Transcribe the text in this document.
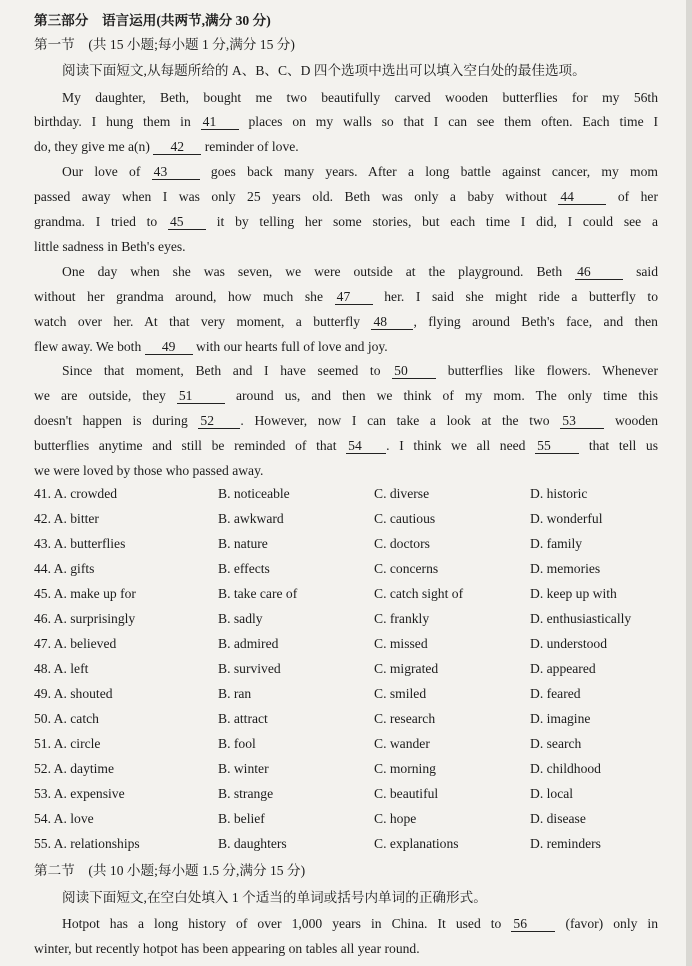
第三部分　语言运用(共两节,满分 30 分)
第一节　(共 15 小题;每小题 1 分,满分 15 分)
阅读下面短文,从每题所给的 A、B、C、D 四个选项中选出可以填入空白处的最佳选项。
My daughter, Beth, bought me two beautifully carved wooden butterflies for my 56th
birthday. I hung them in 41 places on my walls so that I can see them often. Each time I
do, they give me a(n) 42 reminder of love.
Our love of 43 goes back many years. After a long battle against cancer, my mom
passed away when I was only 25 years old. Beth was only a baby without 44 of her
grandma. I tried to 45 it by telling her some stories, but each time I did, I could see a
little sadness in Beth's eyes.
One day when she was seven, we were outside at the playground. Beth 46 said
without her grandma around, how much she 47 her. I said she might ride a butterfly to
watch over her. At that very moment, a butterfly 48 , flying around Beth's face, and then
flew away. We both 49 with our hearts full of love and joy.
Since that moment, Beth and I have seemed to 50 butterflies like flowers. Whenever
we are outside, they 51 around us, and then we think of my mom. The only time this
doesn't happen is during 52 . However, now I can take a look at the two 53 wooden
butterflies anytime and still be reminded of that 54 . I think we all need 55 that tell us
we were loved by those who passed away.
41. A. crowded	B. noticeable	C. diverse	D. historic
42. A. bitter	B. awkward	C. cautious	D. wonderful
43. A. butterflies	B. nature	C. doctors	D. family
44. A. gifts	B. effects	C. concerns	D. memories
45. A. make up for	B. take care of	C. catch sight of	D. keep up with
46. A. surprisingly	B. sadly	C. frankly	D. enthusiastically
47. A. believed	B. admired	C. missed	D. understood
48. A. left	B. survived	C. migrated	D. appeared
49. A. shouted	B. ran	C. smiled	D. feared
50. A. catch	B. attract	C. research	D. imagine
51. A. circle	B. fool	C. wander	D. search
52. A. daytime	B. winter	C. morning	D. childhood
53. A. expensive	B. strange	C. beautiful	D. local
54. A. love	B. belief	C. hope	D. disease
55. A. relationships	B. daughters	C. explanations	D. reminders
第二节　(共 10 小题;每小题 1.5 分,满分 15 分)
阅读下面短文,在空白处填入 1 个适当的单词或括号内单词的正确形式。
Hotpot has a long history of over 1,000 years in China. It used to 56 (favor) only in
winter, but recently hotpot has been appearing on tables all year round.
